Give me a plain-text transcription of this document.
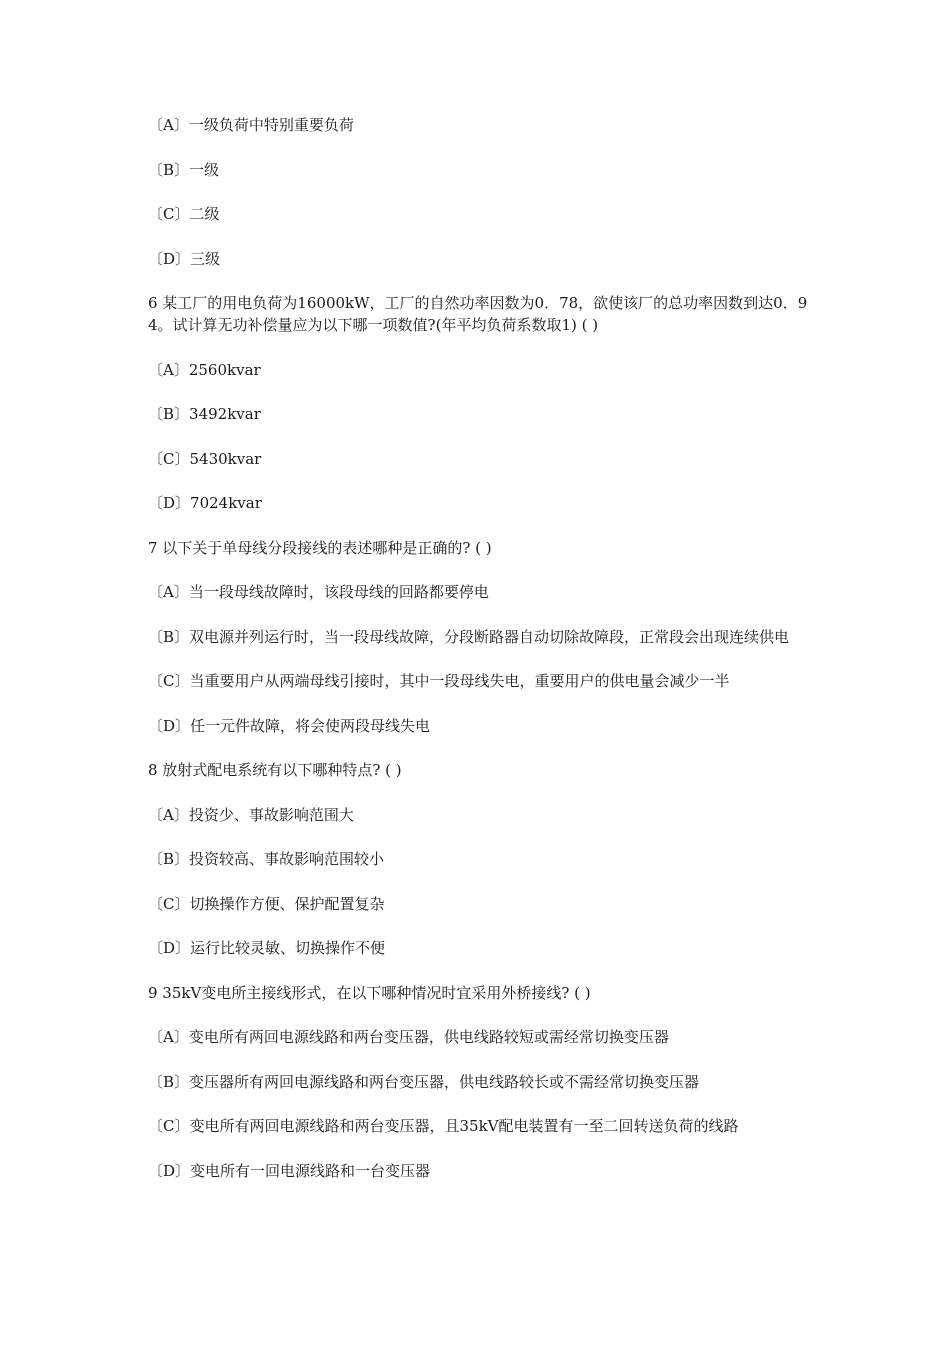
〔A〕一级负荷中特别重要负荷
〔B〕一级
〔C〕二级
〔D〕三级
6 某工厂的用电负荷为16000kW，工厂的自然功率因数为0．78，欲使该厂的总功率因数到达0．94。试计算无功补偿量应为以下哪一项数值?(年平均负荷系数取1) ( )
〔A〕2560kvar
〔B〕3492kvar
〔C〕5430kvar
〔D〕7024kvar
7 以下关于单母线分段接线的表述哪种是正确的? ( )
〔A〕当一段母线故障时，该段母线的回路都要停电
〔B〕双电源并列运行时，当一段母线故障，分段断路器自动切除故障段，正常段会出现连续供电
〔C〕当重要用户从两端母线引接时，其中一段母线失电，重要用户的供电量会减少一半
〔D〕任一元件故障，将会使两段母线失电
8 放射式配电系统有以下哪种特点? ( )
〔A〕投资少、事故影响范围大
〔B〕投资较高、事故影响范围较小
〔C〕切换操作方便、保护配置复杂
〔D〕运行比较灵敏、切换操作不便
9 35kV变电所主接线形式，在以下哪种情况时宜采用外桥接线? ( )
〔A〕变电所有两回电源线路和两台变压器，供电线路较短或需经常切换变压器
〔B〕变压器所有两回电源线路和两台变压器，供电线路较长或不需经常切换变压器
〔C〕变电所有两回电源线路和两台变压器，且35kV配电装置有一至二回转送负荷的线路
〔D〕变电所有一回电源线路和一台变压器
